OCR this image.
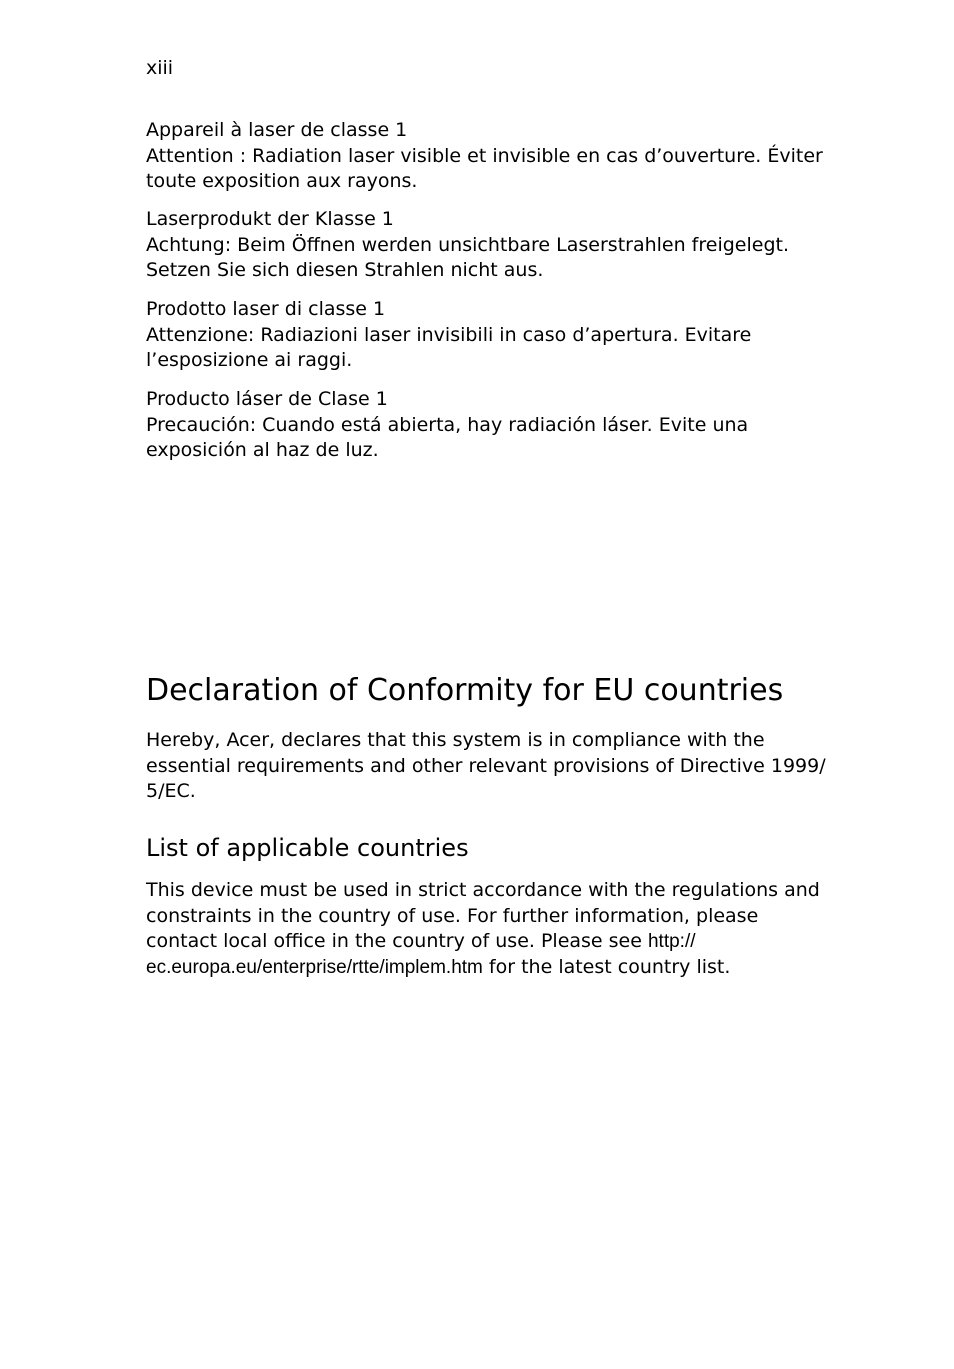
xiii

Appareil à laser de classe 1

Attention : Radiation laser visible et invisible en cas d’ouverture. Éviter

toute exposition aux rayons.

Laserprodukt der Klasse 1

Achtung: Beim Öffnen werden unsichtbare Laserstrahlen freigelegt.

Setzen Sie sich diesen Strahlen nicht aus.

Prodotto laser di classe 1

Attenzione: Radiazioni laser invisibili in caso d’apertura. Evitare

l’esposizione ai raggi.

Producto láser de Clase 1

Precaución: Cuando está abierta, hay radiación láser. Evite una

exposición al haz de luz.

Declaration of Conformity for EU countries
Hereby, Acer, declares that this system is in compliance with the
essential requirements and other relevant provisions of Directive 1999/
5/EC.
List of applicable countries
This device must be used in strict accordance with the regulations and
constraints in the country of use. For further information, please
contact local office in the country of use. Please see http://
ec.europa.eu/enterprise/rtte/implem.htm for the latest country list.
